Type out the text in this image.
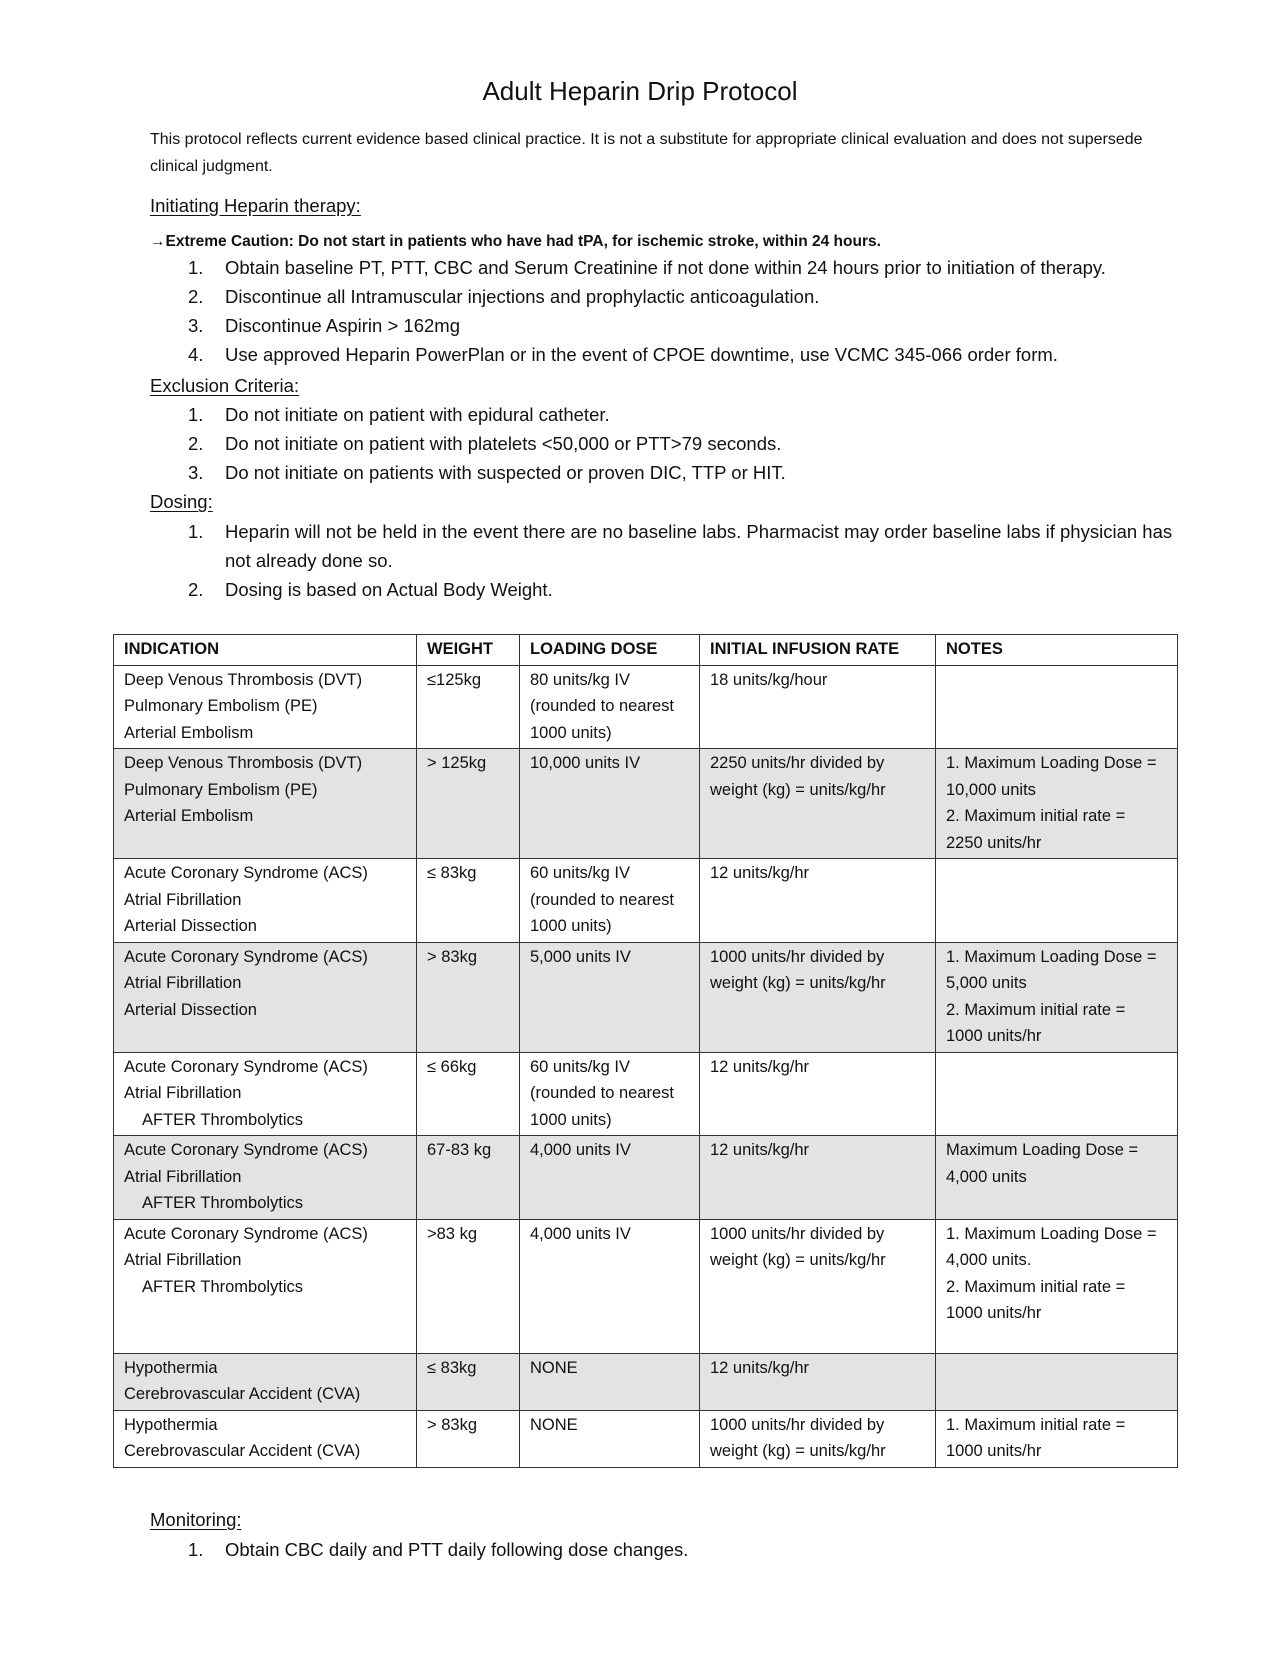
Adult Heparin Drip Protocol
This protocol reflects current evidence based clinical practice. It is not a substitute for appropriate clinical evaluation and does not supersede clinical judgment.
Initiating Heparin therapy:
→Extreme Caution: Do not start in patients who have had tPA, for ischemic stroke, within 24 hours.
1.	Obtain baseline PT, PTT, CBC and Serum Creatinine if not done within 24 hours prior to initiation of therapy.
2.	Discontinue all Intramuscular injections and prophylactic anticoagulation.
3.	Discontinue Aspirin > 162mg
4.	Use approved Heparin PowerPlan or in the event of CPOE downtime, use VCMC 345-066 order form.
Exclusion Criteria:
1.	Do not initiate on patient with epidural catheter.
2.	Do not initiate on patient with platelets <50,000 or PTT>79 seconds.
3.	Do not initiate on patients with suspected or proven DIC, TTP or HIT.
Dosing:
1.	Heparin will not be held in the event there are no baseline labs. Pharmacist may order baseline labs if physician has not already done so.
2.	Dosing is based on Actual Body Weight.
INDICATION	WEIGHT	LOADING DOSE	INITIAL INFUSION RATE	NOTES

Deep Venous Thrombosis (DVT)
Pulmonary Embolism (PE)
Arterial Embolism	≤125kg	80 units/kg IV
(rounded to nearest
1000 units)	18 units/kg/hour	

Deep Venous Thrombosis (DVT)
Pulmonary Embolism (PE)
Arterial Embolism	> 125kg	10,000 units IV	2250 units/hr divided by
weight (kg) = units/kg/hr	1. Maximum Loading Dose =
10,000 units
2. Maximum initial rate =
2250 units/hr

Acute Coronary Syndrome (ACS)
Atrial Fibrillation
Arterial Dissection	≤ 83kg	60 units/kg IV
(rounded to nearest
1000 units)	12 units/kg/hr	

Acute Coronary Syndrome (ACS)
Atrial Fibrillation
Arterial Dissection	> 83kg	5,000 units IV	1000 units/hr divided by
weight (kg) = units/kg/hr	1. Maximum Loading Dose =
5,000 units
2. Maximum initial rate =
1000 units/hr

Acute Coronary Syndrome (ACS)
Atrial Fibrillation
AFTER Thrombolytics	≤ 66kg	60 units/kg IV
(rounded to nearest
1000 units)	12 units/kg/hr	

Acute Coronary Syndrome (ACS)
Atrial Fibrillation
AFTER Thrombolytics	67-83 kg	4,000 units IV	12 units/kg/hr	Maximum Loading Dose =
4,000 units

Acute Coronary Syndrome (ACS)
Atrial Fibrillation
AFTER Thrombolytics	>83 kg	4,000 units IV	1000 units/hr divided by
weight (kg) = units/kg/hr	1. Maximum Loading Dose =
4,000 units.
2. Maximum initial rate =
1000 units/hr

Hypothermia
Cerebrovascular Accident (CVA)	≤ 83kg	NONE	12 units/kg/hr	

Hypothermia
Cerebrovascular Accident (CVA)	> 83kg	NONE	1000 units/hr divided by
weight (kg) = units/kg/hr	1. Maximum initial rate =
1000 units/hr
Monitoring:
1.	Obtain CBC daily and PTT daily following dose changes.
